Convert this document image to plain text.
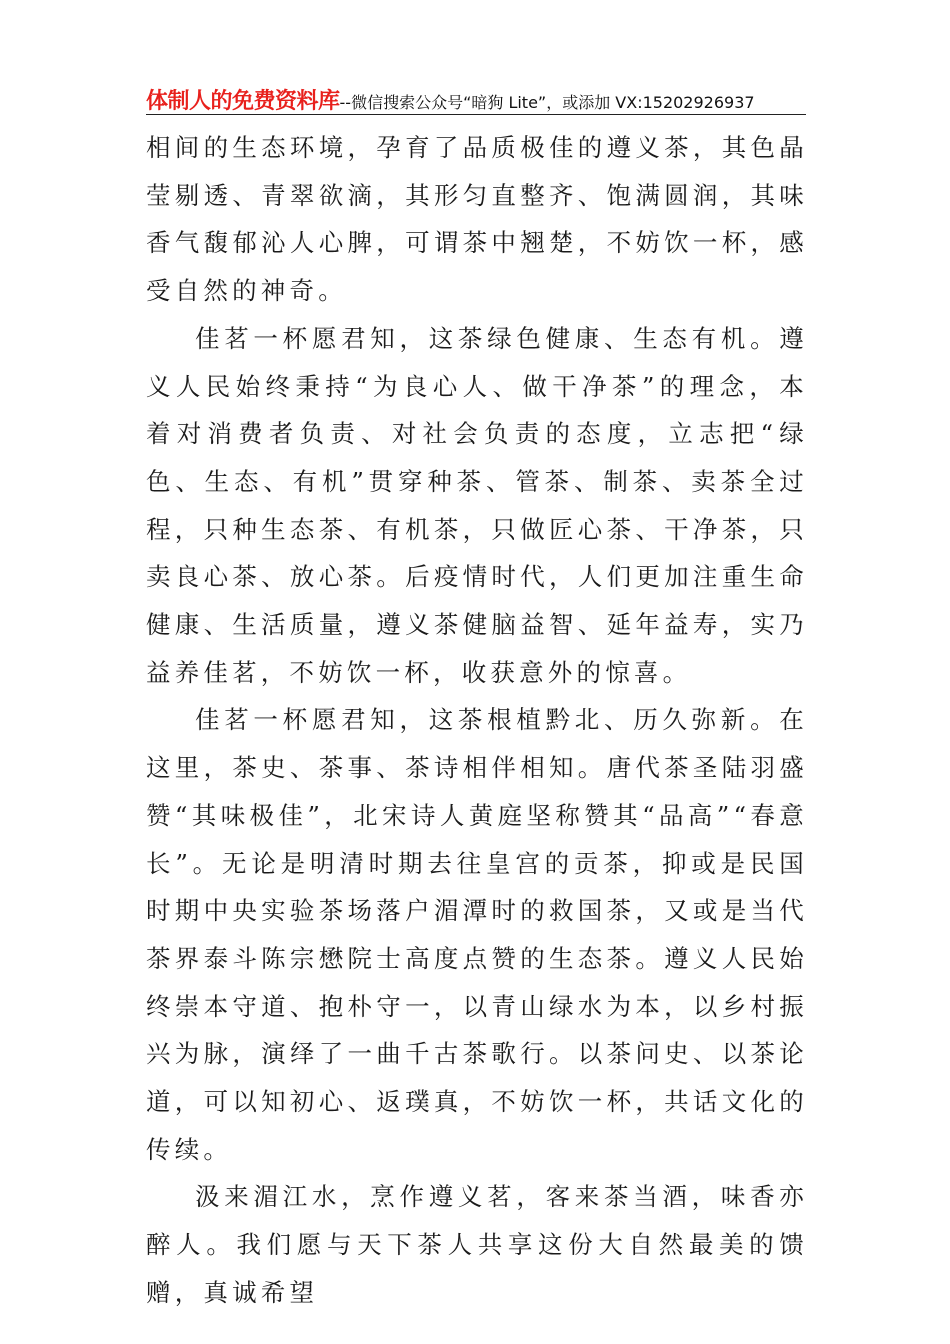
体制人的免费资料库--微信搜索公众号“暗狗 Lite”，或添加 VX:15202926937

相间的生态环境，孕育了品质极佳的遵义茶，其色晶莹剔透、青翠欲滴，其形匀直整齐、饱满圆润，其味香气馥郁沁人心脾，可谓茶中翘楚，不妨饮一杯，感受自然的神奇。

佳茗一杯愿君知，这茶绿色健康、生态有机。遵义人民始终秉持“为良心人、做干净茶”的理念，本着对消费者负责、对社会负责的态度，立志把“绿色、生态、有机”贯穿种茶、管茶、制茶、卖茶全过程，只种生态茶、有机茶，只做匠心茶、干净茶，只卖良心茶、放心茶。后疫情时代，人们更加注重生命健康、生活质量，遵义茶健脑益智、延年益寿，实乃益养佳茗，不妨饮一杯，收获意外的惊喜。

佳茗一杯愿君知，这茶根植黔北、历久弥新。在这里，茶史、茶事、茶诗相伴相知。唐代茶圣陆羽盛赞“其味极佳”，北宋诗人黄庭坚称赞其“品高”“春意长”。无论是明清时期去往皇宫的贡茶，抑或是民国时期中央实验茶场落户湄潭时的救国茶，又或是当代茶界泰斗陈宗懋院士高度点赞的生态茶。遵义人民始终崇本守道、抱朴守一，以青山绿水为本，以乡村振兴为脉，演绎了一曲千古茶歌行。以茶问史、以茶论道，可以知初心、返璞真，不妨饮一杯，共话文化的传续。

汲来湄江水，烹作遵义茗，客来茶当酒，味香亦醉人。我们愿与天下茶人共享这份大自然最美的馈赠，真诚希望
